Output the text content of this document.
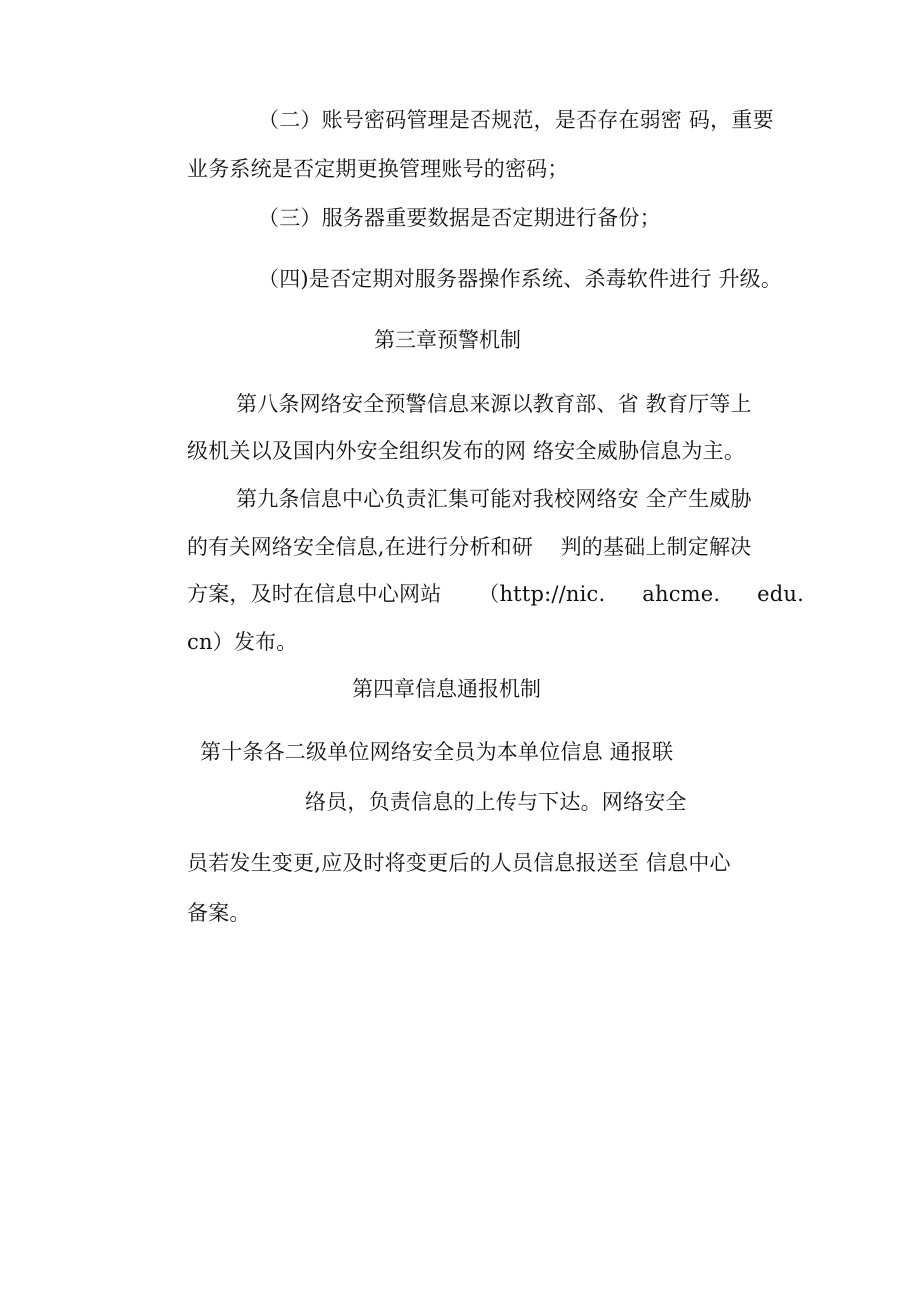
（二）账号密码管理是否规范，是否存在弱密 码，重要
业务系统是否定期更换管理账号的密码；
（三）服务器重要数据是否定期进行备份；
（四)是否定期对服务器操作系统、杀毒软件进行 升级。
第三章预警机制
第八条网络安全预警信息来源以教育部、省 教育厅等上
级机关以及国内外安全组织发布的网 络安全威胁信息为主。
第九条信息中心负责汇集可能对我校网络安 全产生威胁
的有关网络安全信息,在进行分析和研    判的基础上制定解决
方案，及时在信息中心网站 （http://nic. ahcme. edu.
cn）发布。
第四章信息通报机制
第十条各二级单位网络安全员为本单位信息 通报联
络员，负责信息的上传与下达。网络安全
员若发生变更,应及时将变更后的人员信息报送至 信息中心
备案。
